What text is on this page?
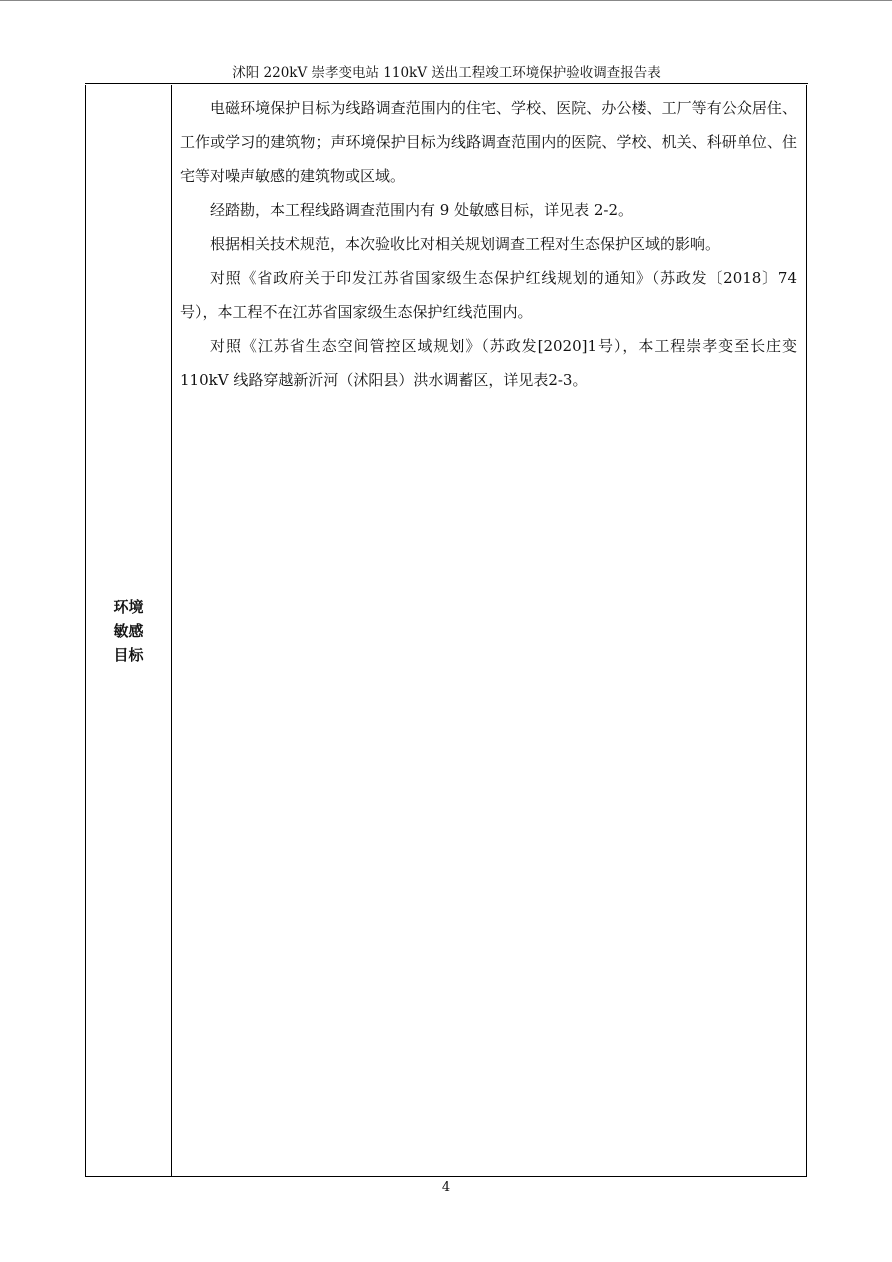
沭阳 220kV 崇孝变电站 110kV 送出工程竣工环境保护验收调查报告表
环境
敏感
目标

电磁环境保护目标为线路调查范围内的住宅、学校、医院、办公楼、工厂等有公众居住、工作或学习的建筑物；声环境保护目标为线路调查范围内的医院、学校、机关、科研单位、住宅等对噪声敏感的建筑物或区域。

经踏勘，本工程线路调查范围内有 9 处敏感目标，详见表 2-2。

根据相关技术规范，本次验收比对相关规划调查工程对生态保护区域的影响。

对照《省政府关于印发江苏省国家级生态保护红线规划的通知》（苏政发〔2018〕74 号），本工程不在江苏省国家级生态保护红线范围内。

对照《江苏省生态空间管控区域规划》（苏政发[2020]1号），本工程崇孝变至长庄变 110kV 线路穿越新沂河（沭阳县）洪水调蓄区，详见表2-3。

4
